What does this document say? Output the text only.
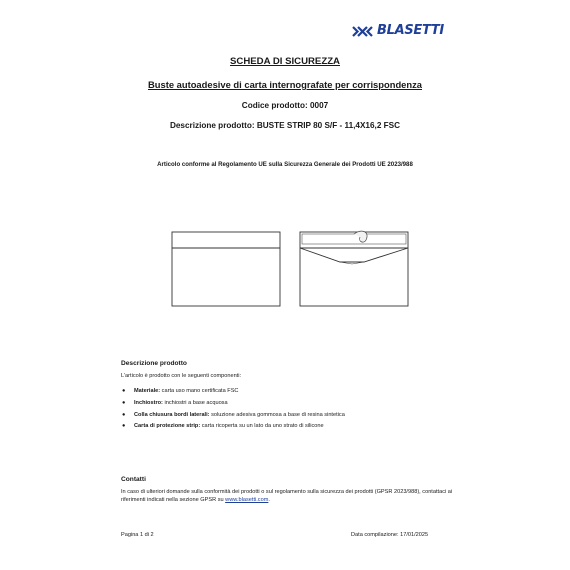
BLASETTI
SCHEDA DI SICUREZZA
Buste autoadesive di carta internografate per corrispondenza
Codice prodotto: 0007
Descrizione prodotto: BUSTE STRIP 80 S/F - 11,4X16,2 FSC
Articolo conforme al Regolamento UE sulla Sicurezza Generale dei Prodotti UE 2023/988
Descrizione prodotto
L’articolo è prodotto con le seguenti componenti:
● Materiale: carta uso mano certificata FSC
● Inchiostro: inchiostri a base acquosa
● Colla chiusura bordi laterali: soluzione adesiva gommosa a base di resina sintetica
● Carta di protezione strip: carta ricoperta su un lato da uno strato di silicone
Contatti
In caso di ulteriori domande sulla conformità dei prodotti o sul regolamento sulla sicurezza dei prodotti (GPSR 2023/988), contattaci ai riferimenti indicati nella sezione GPSR su www.blasetti.com.
Pagina 1 di 2	Data compilazione: 17/01/2025
